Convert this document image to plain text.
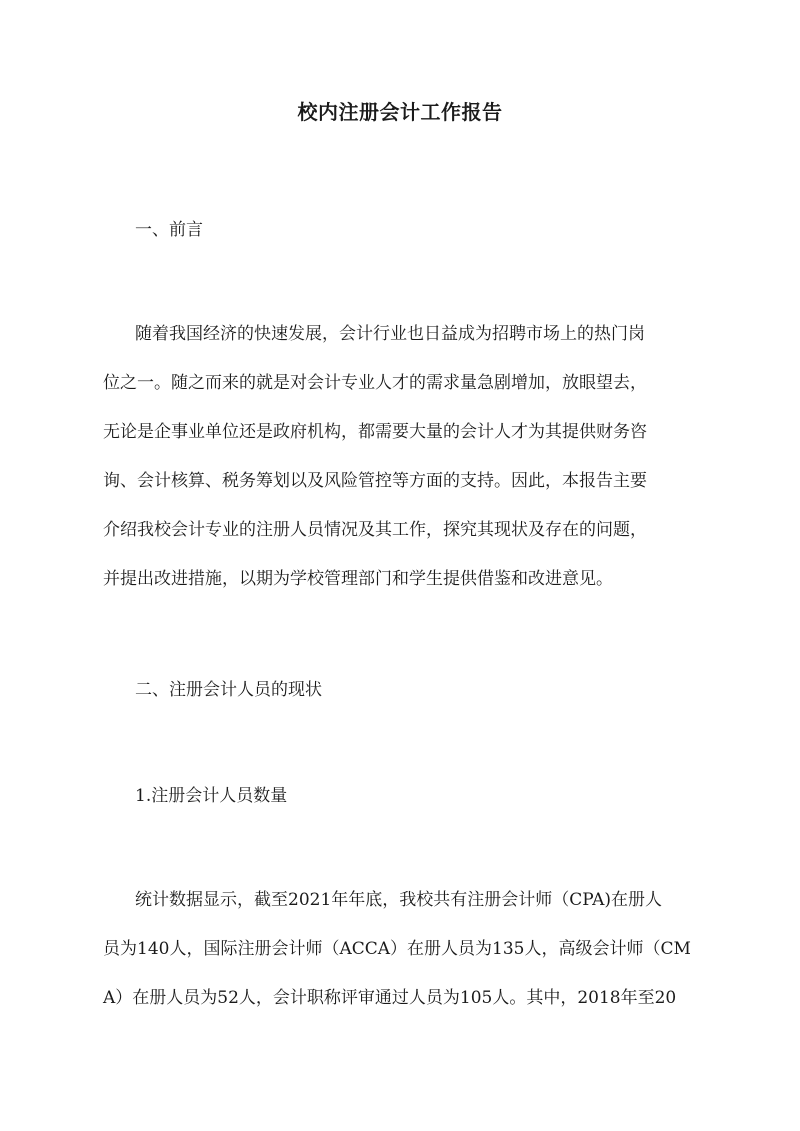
校内注册会计工作报告
一、前言
随着我国经济的快速发展，会计行业也日益成为招聘市场上的热门岗
位之一。随之而来的就是对会计专业人才的需求量急剧增加，放眼望去，
无论是企事业单位还是政府机构，都需要大量的会计人才为其提供财务咨
询、会计核算、税务筹划以及风险管控等方面的支持。因此，本报告主要
介绍我校会计专业的注册人员情况及其工作，探究其现状及存在的问题，
并提出改进措施，以期为学校管理部门和学生提供借鉴和改进意见。
二、注册会计人员的现状
1.注册会计人员数量
统计数据显示，截至2021年年底，我校共有注册会计师（CPA)在册人
员为140人，国际注册会计师（ACCA）在册人员为135人，高级会计师（CM
A）在册人员为52人，会计职称评审通过人员为105人。其中，2018年至20
